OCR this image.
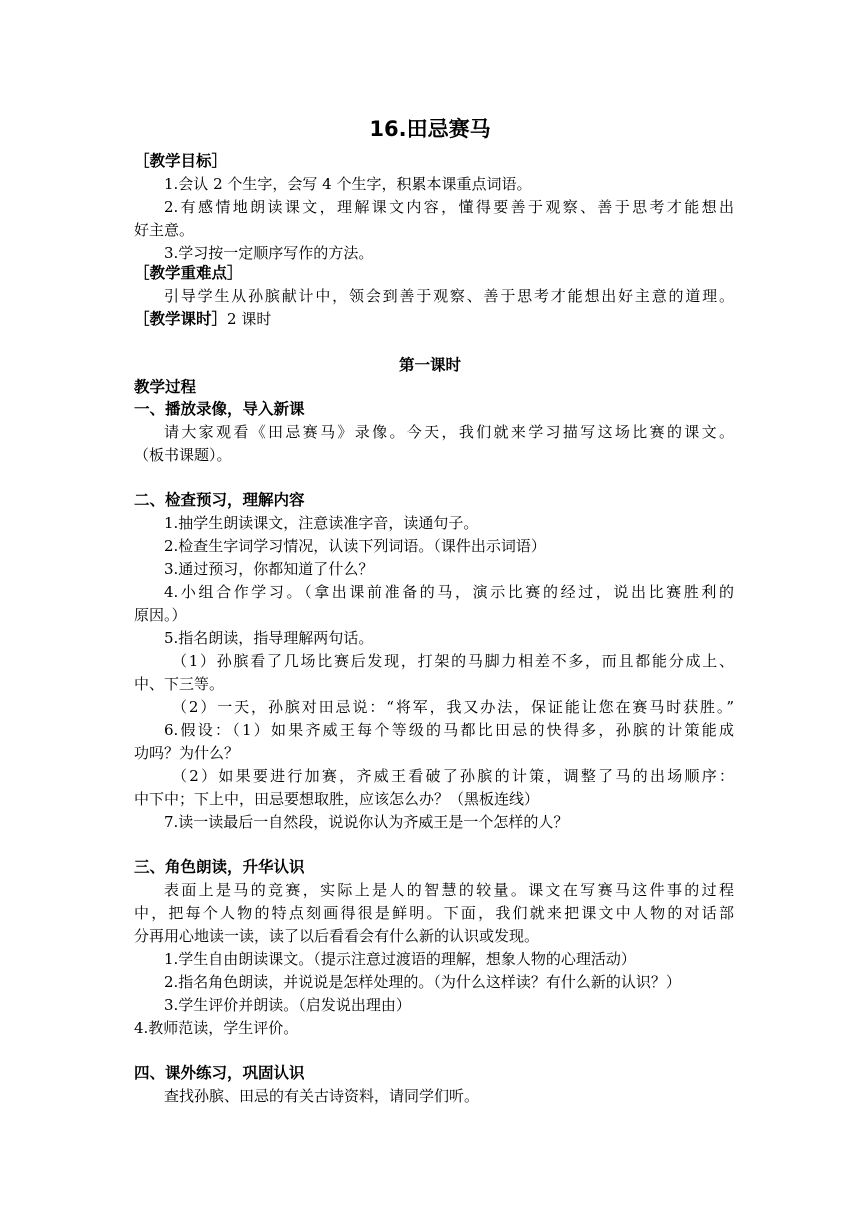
16.田忌赛马
［教学目标］
1.会认 2 个生字，会写 4 个生字，积累本课重点词语。
2.有感情地朗读课文，理解课文内容，懂得要善于观察、善于思考才能想出
好主意。
3.学习按一定顺序写作的方法。
［教学重难点］
引导学生从孙膑献计中，领会到善于观察、善于思考才能想出好主意的道理。
［教学课时］2 课时
第一课时
教学过程
一、播放录像，导入新课
请大家观看《田忌赛马》录像。今天，我们就来学习描写这场比赛的课文。
（板书课题）。
二、检查预习，理解内容
1.抽学生朗读课文，注意读准字音，读通句子。
2.检查生字词学习情况，认读下列词语。（课件出示词语）
3.通过预习，你都知道了什么？
4.小组合作学习。（拿出课前准备的马，演示比赛的经过，说出比赛胜利的
原因。）
5.指名朗读，指导理解两句话。
（1）孙膑看了几场比赛后发现，打架的马脚力相差不多，而且都能分成上、
中、下三等。
（2）一天，孙膑对田忌说：“将军，我又办法，保证能让您在赛马时获胜。”
6.假设：（1）如果齐威王每个等级的马都比田忌的快得多，孙膑的计策能成
功吗？为什么？
（2）如果要进行加赛，齐威王看破了孙膑的计策，调整了马的出场顺序：
中下中；下上中，田忌要想取胜，应该怎么办？（黑板连线）
7.读一读最后一自然段，说说你认为齐威王是一个怎样的人？
三、角色朗读，升华认识
表面上是马的竞赛，实际上是人的智慧的较量。课文在写赛马这件事的过程
中，把每个人物的特点刻画得很是鲜明。下面，我们就来把课文中人物的对话部
分再用心地读一读，读了以后看看会有什么新的认识或发现。
1.学生自由朗读课文。（提示注意过渡语的理解，想象人物的心理活动）
2.指名角色朗读，并说说是怎样处理的。（为什么这样读？有什么新的认识？）
3.学生评价并朗读。（启发说出理由）
4.教师范读，学生评价。
四、课外练习，巩固认识
查找孙膑、田忌的有关古诗资料，请同学们听。
